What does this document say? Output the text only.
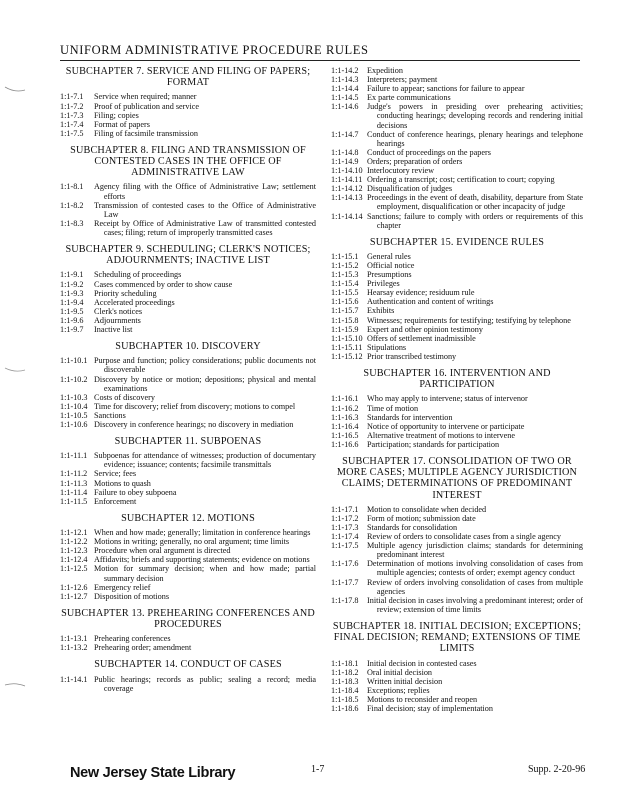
UNIFORM ADMINISTRATIVE PROCEDURE RULES
SUBCHAPTER 7. SERVICE AND FILING OF PAPERS; FORMAT
1:1-7.1	Service when required; manner
1:1-7.2	Proof of publication and service
1:1-7.3	Filing; copies
1:1-7.4	Format of papers
1:1-7.5	Filing of facsimile transmission
SUBCHAPTER 8. FILING AND TRANSMISSION OF CONTESTED CASES IN THE OFFICE OF ADMINISTRATIVE LAW
1:1-8.1	Agency filing with the Office of Administrative Law; settlement efforts
1:1-8.2	Transmission of contested cases to the Office of Administrative Law
1:1-8.3	Receipt by Office of Administrative Law of transmitted contested cases; filing; return of improperly transmitted cases
SUBCHAPTER 9. SCHEDULING; CLERK'S NOTICES; ADJOURNMENTS; INACTIVE LIST
1:1-9.1	Scheduling of proceedings
1:1-9.2	Cases commenced by order to show cause
1:1-9.3	Priority scheduling
1:1-9.4	Accelerated proceedings
1:1-9.5	Clerk's notices
1:1-9.6	Adjournments
1:1-9.7	Inactive list
SUBCHAPTER 10. DISCOVERY
1:1-10.1 Purpose and function; policy considerations; public documents not discoverable
1:1-10.2 Discovery by notice or motion; depositions; physical and mental examinations
1:1-10.3 Costs of discovery
1:1-10.4 Time for discovery; relief from discovery; motions to compel
1:1-10.5 Sanctions
1:1-10.6 Discovery in conference hearings; no discovery in mediation
SUBCHAPTER 11. SUBPOENAS
1:1-11.1 Subpoenas for attendance of witnesses; production of documentary evidence; issuance; contents; facsimile transmittals
1:1-11.2 Service; fees
1:1-11.3 Motions to quash
1:1-11.4 Failure to obey subpoena
1:1-11.5 Enforcement
SUBCHAPTER 12. MOTIONS
1:1-12.1 When and how made; generally; limitation in conference hearings
1:1-12.2 Motions in writing; generally, no oral argument; time limits
1:1-12.3 Procedure when oral argument is directed
1:1-12.4 Affidavits; briefs and supporting statements; evidence on motions
1:1-12.5 Motion for summary decision; when and how made; partial summary decision
1:1-12.6 Emergency relief
1:1-12.7 Disposition of motions
SUBCHAPTER 13. PREHEARING CONFERENCES AND PROCEDURES
1:1-13.1 Prehearing conferences
1:1-13.2 Prehearing order; amendment
SUBCHAPTER 14. CONDUCT OF CASES
1:1-14.1 Public hearings; records as public; sealing a record; media coverage
1:1-14.2	Expedition
1:1-14.3	Interpreters; payment
1:1-14.4	Failure to appear; sanctions for failure to appear
1:1-14.5	Ex parte communications
1:1-14.6	Judge's powers in presiding over prehearing activities; conducting hearings; developing records and rendering initial decisions
1:1-14.7	Conduct of conference hearings, plenary hearings and telephone hearings
1:1-14.8	Conduct of proceedings on the papers
1:1-14.9	Orders; preparation of orders
1:1-14.10 Interlocutory review
1:1-14.11 Ordering a transcript; cost; certification to court; copying
1:1-14.12 Disqualification of judges
1:1-14.13 Proceedings in the event of death, disability, departure from State employment, disqualification or other incapacity of judge
1:1-14.14 Sanctions; failure to comply with orders or requirements of this chapter
SUBCHAPTER 15. EVIDENCE RULES
1:1-15.1	General rules
1:1-15.2	Official notice
1:1-15.3	Presumptions
1:1-15.4	Privileges
1:1-15.5	Hearsay evidence; residuum rule
1:1-15.6	Authentication and content of writings
1:1-15.7	Exhibits
1:1-15.8	Witnesses; requirements for testifying; testifying by telephone
1:1-15.9	Expert and other opinion testimony
1:1-15.10 Offers of settlement inadmissible
1:1-15.11 Stipulations
1:1-15.12 Prior transcribed testimony
SUBCHAPTER 16. INTERVENTION AND PARTICIPATION
1:1-16.1	Who may apply to intervene; status of intervenor
1:1-16.2	Time of motion
1:1-16.3	Standards for intervention
1:1-16.4	Notice of opportunity to intervene or participate
1:1-16.5	Alternative treatment of motions to intervene
1:1-16.6	Participation; standards for participation
SUBCHAPTER 17. CONSOLIDATION OF TWO OR MORE CASES; MULTIPLE AGENCY JURISDICTION CLAIMS; DETERMINATIONS OF PREDOMINANT INTEREST
1:1-17.1	Motion to consolidate when decided
1:1-17.2	Form of motion; submission date
1:1-17.3	Standards for consolidation
1:1-17.4	Review of orders to consolidate cases from a single agency
1:1-17.5	Multiple agency jurisdiction claims; standards for determining predominant interest
1:1-17.6	Determination of motions involving consolidation of cases from multiple agencies; contests of order; exempt agency conduct
1:1-17.7	Review of orders involving consolidation of cases from multiple agencies
1:1-17.8	Initial decision in cases involving a predominant interest; order of review; extension of time limits
SUBCHAPTER 18. INITIAL DECISION; EXCEPTIONS; FINAL DECISION; REMAND; EXTENSIONS OF TIME LIMITS
1:1-18.1	Initial decision in contested cases
1:1-18.2	Oral initial decision
1:1-18.3	Written initial decision
1:1-18.4	Exceptions; replies
1:1-18.5	Motions to reconsider and reopen
1:1-18.6	Final decision; stay of implementation
New Jersey State Library	1-7	Supp. 2-20-96
